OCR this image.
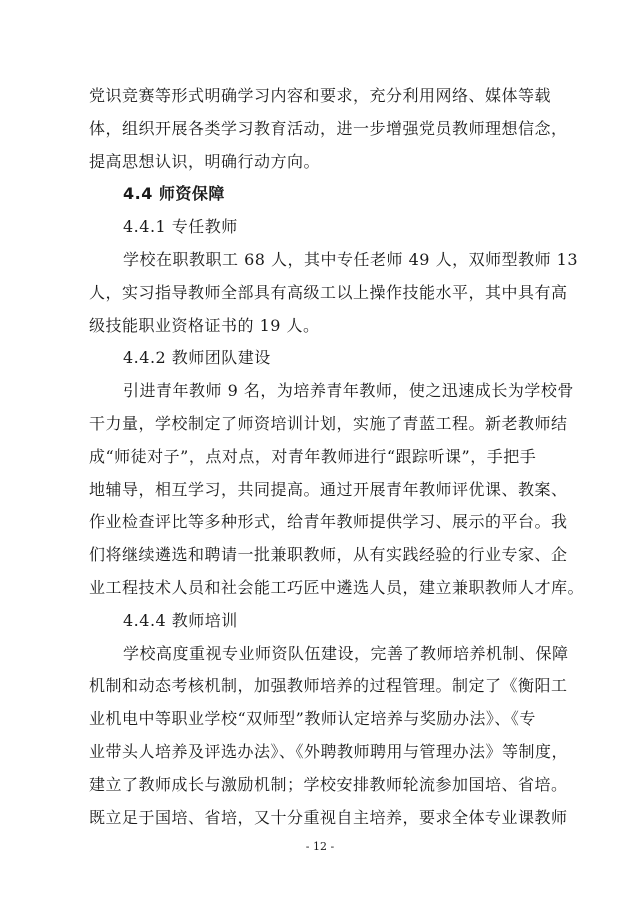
党识竞赛等形式明确学习内容和要求，充分利用网络、媒体等载

体，组织开展各类学习教育活动，进一步增强党员教师理想信念，

提高思想认识，明确行动方向。

4.4 师资保障

4.4.1 专任教师

学校在职教职工 68 人，其中专任老师 49 人，双师型教师 13

人，实习指导教师全部具有高级工以上操作技能水平，其中具有高

级技能职业资格证书的 19 人。

4.4.2 教师团队建设

引进青年教师 9 名，为培养青年教师，使之迅速成长为学校骨

干力量，学校制定了师资培训计划，实施了青蓝工程。新老教师结

成“师徒对子”，点对点，对青年教师进行“跟踪听课”，手把手

地辅导，相互学习，共同提高。通过开展青年教师评优课、教案、

作业检查评比等多种形式，给青年教师提供学习、展示的平台。我

们将继续遴选和聘请一批兼职教师，从有实践经验的行业专家、企

业工程技术人员和社会能工巧匠中遴选人员，建立兼职教师人才库。

4.4.4 教师培训

学校高度重视专业师资队伍建设，完善了教师培养机制、保障

机制和动态考核机制，加强教师培养的过程管理。制定了《衡阳工

业机电中等职业学校“双师型”教师认定培养与奖励办法》、《专

业带头人培养及评选办法》、《外聘教师聘用与管理办法》等制度，

建立了教师成长与激励机制；学校安排教师轮流参加国培、省培。

既立足于国培、省培，又十分重视自主培养，要求全体专业课教师

- 12 -
